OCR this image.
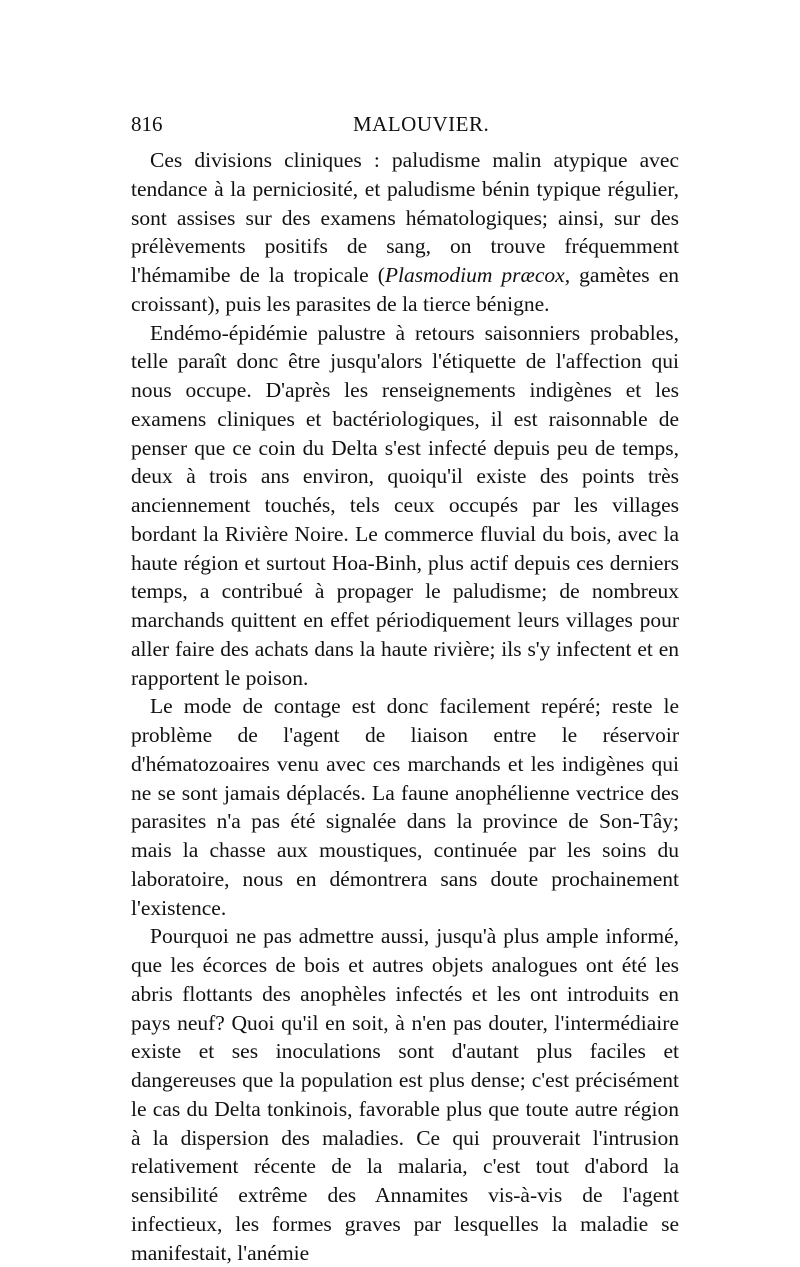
816	MALOUVIER.

Ces divisions cliniques : paludisme malin atypique avec tendance à la perniciosité, et paludisme bénin typique régulier, sont assises sur des examens hématologiques; ainsi, sur des prélèvements positifs de sang, on trouve fréquemment l'hémamibe de la tropicale (Plasmodium præcox, gamètes en croissant), puis les parasites de la tierce bénigne.

Endémo-épidémie palustre à retours saisonniers probables, telle paraît donc être jusqu'alors l'étiquette de l'affection qui nous occupe. D'après les renseignements indigènes et les examens cliniques et bactériologiques, il est raisonnable de penser que ce coin du Delta s'est infecté depuis peu de temps, deux à trois ans environ, quoiqu'il existe des points très anciennement touchés, tels ceux occupés par les villages bordant la Rivière Noire. Le commerce fluvial du bois, avec la haute région et surtout Hoa-Binh, plus actif depuis ces derniers temps, a contribué à propager le paludisme; de nombreux marchands quittent en effet périodiquement leurs villages pour aller faire des achats dans la haute rivière; ils s'y infectent et en rapportent le poison.

Le mode de contage est donc facilement repéré; reste le problème de l'agent de liaison entre le réservoir d'hématozoaires venu avec ces marchands et les indigènes qui ne se sont jamais déplacés. La faune anophélienne vectrice des parasites n'a pas été signalée dans la province de Son-Tây; mais la chasse aux moustiques, continuée par les soins du laboratoire, nous en démontrera sans doute prochainement l'existence.

Pourquoi ne pas admettre aussi, jusqu'à plus ample informé, que les écorces de bois et autres objets analogues ont été les abris flottants des anophèles infectés et les ont introduits en pays neuf? Quoi qu'il en soit, à n'en pas douter, l'intermédiaire existe et ses inoculations sont d'autant plus faciles et dangereuses que la population est plus dense; c'est précisément le cas du Delta tonkinois, favorable plus que toute autre région à la dispersion des maladies. Ce qui prouverait l'intrusion relativement récente de la malaria, c'est tout d'abord la sensibilité extrême des Annamites vis-à-vis de l'agent infectieux, les formes graves par lesquelles la maladie se manifestait, l'anémie
